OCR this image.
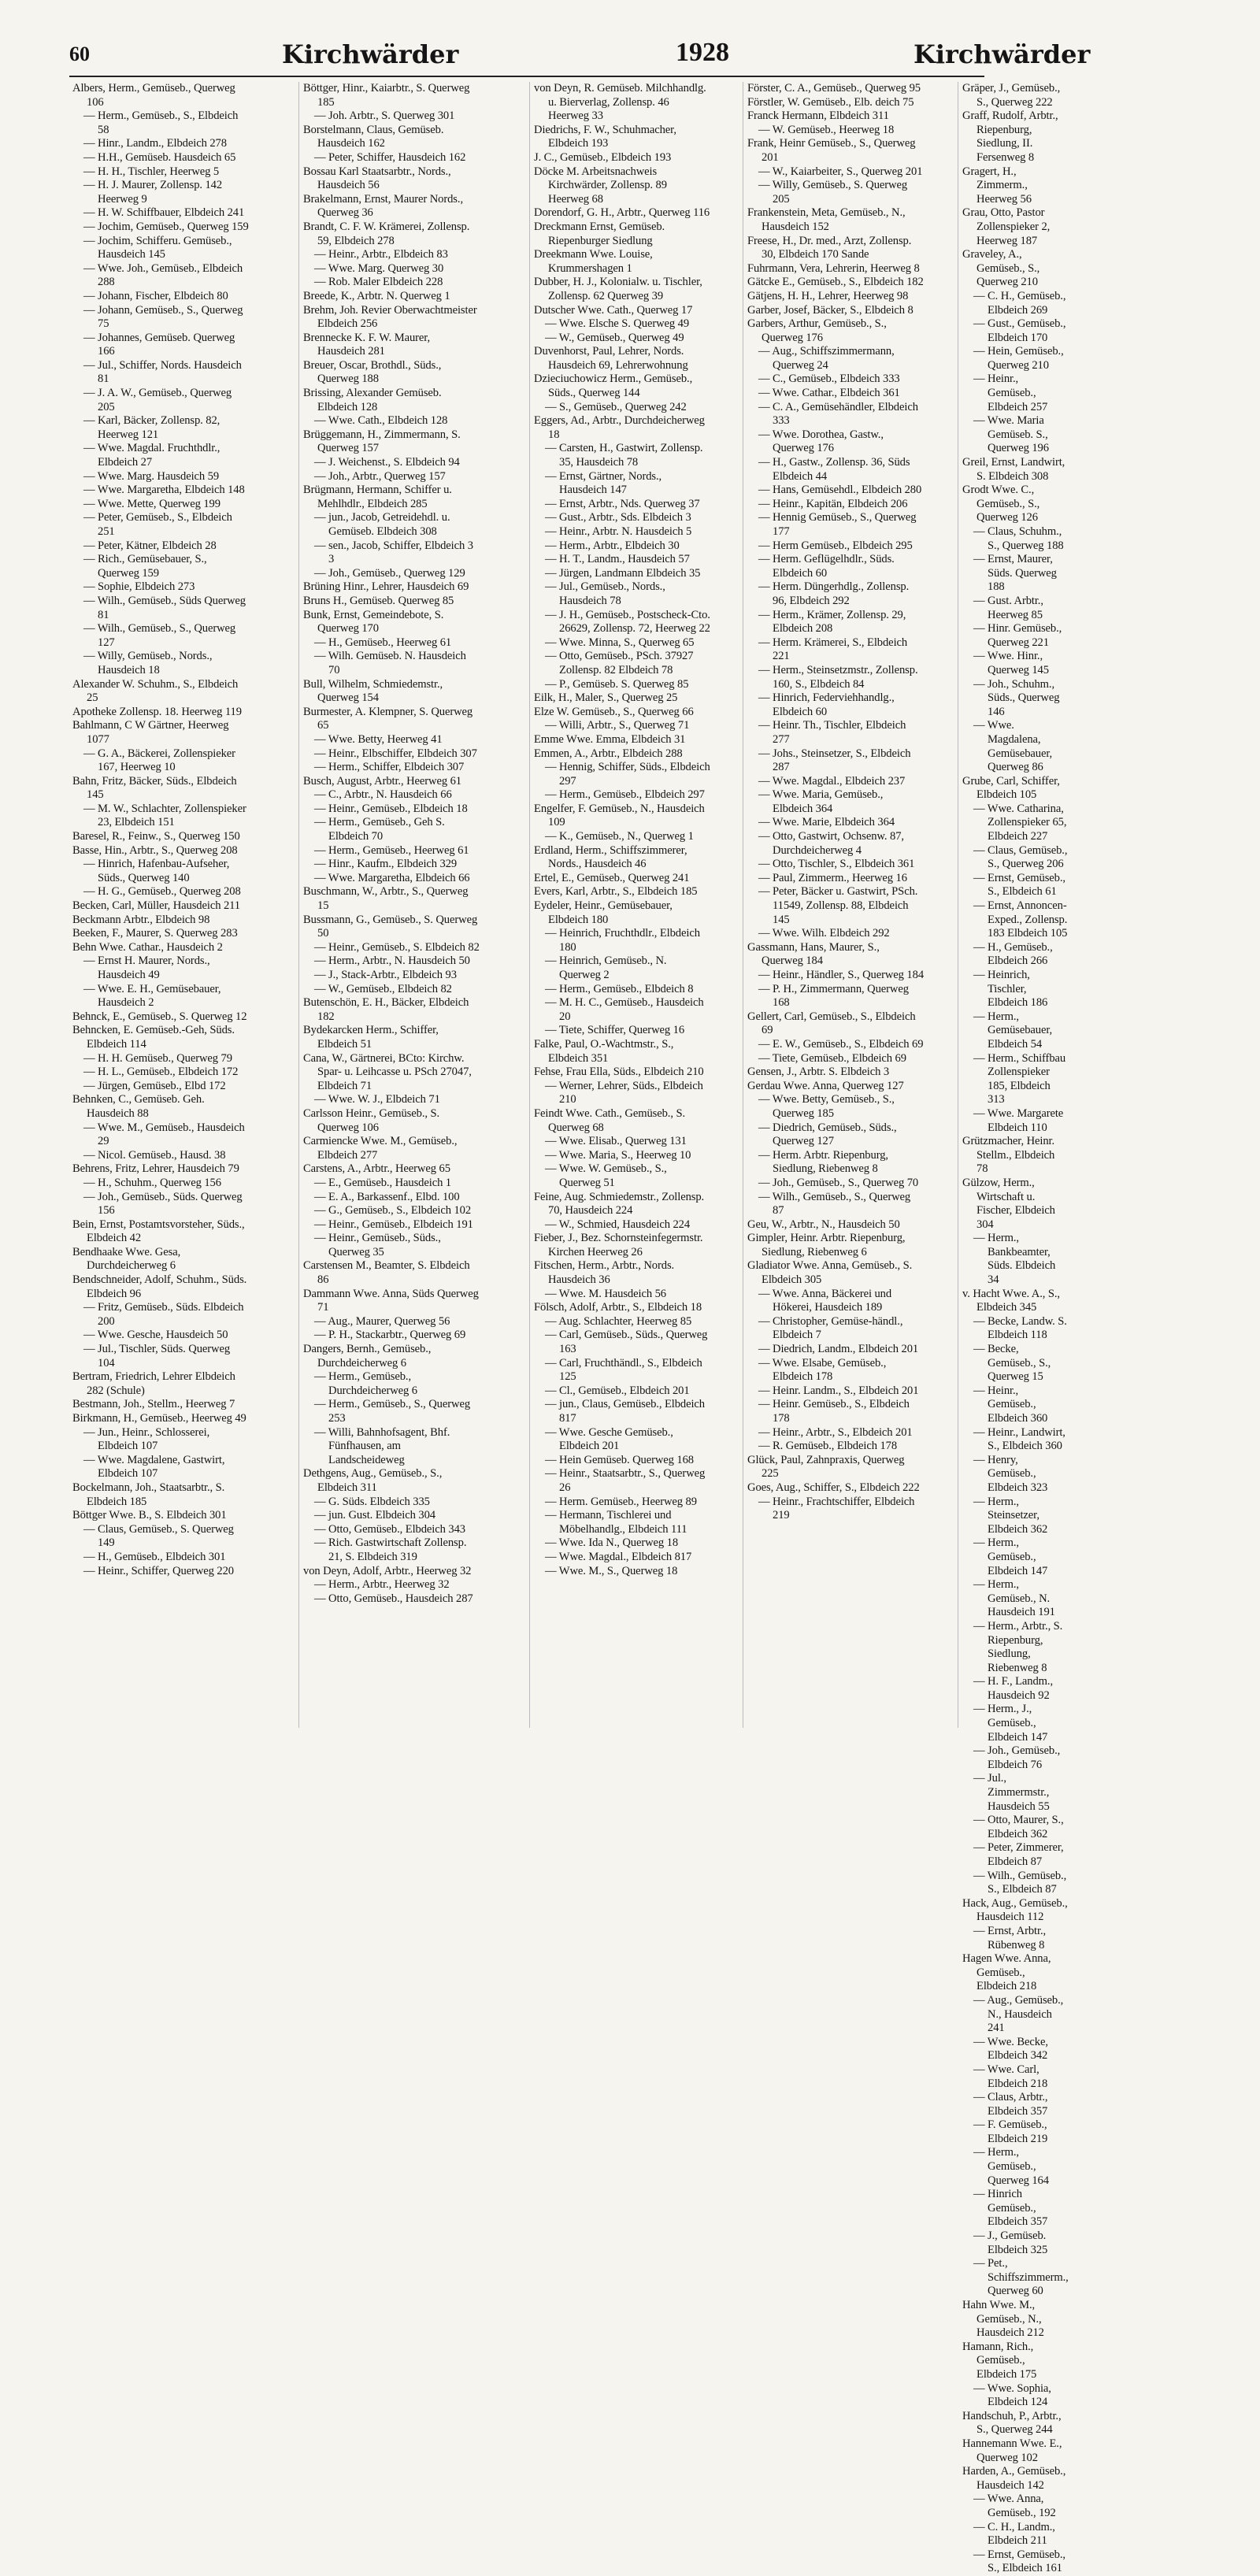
60	Kirchwärder	1928	Kirchwärder

Albers, Herm., Gemüseb., Querweg 106

— Herm., Gemüseb., S., Elbdeich 58

— Hinr., Landm., Elbdeich 278

— H.H., Gemüseb. Hausdeich 65

— H. H., Tischler, Heerweg 5

— H. J. Maurer, Zollensp. 142 Heerweg 9

— H. W. Schiffbauer, Elbdeich 241

— Jochim, Gemüseb., Querweg 159

— Jochim, Schifferu. Gemüseb., Hausdeich 145

— Wwe. Joh., Gemüseb., Elbdeich 288

— Johann, Fischer, Elbdeich 80

— Johann, Gemüseb., S., Querweg 75

— Johannes, Gemüseb. Querweg 166

— Jul., Schiffer, Nords. Hausdeich 81

— J. A. W., Gemüseb., Querweg 205

— Karl, Bäcker, Zollensp. 82, Heerweg 121

— Wwe. Magdal. Fruchthdlr., Elbdeich 27

— Wwe. Marg. Hausdeich 59

— Wwe. Margaretha, Elbdeich 148

— Wwe. Mette, Querweg 199

— Peter, Gemüseb., S., Elbdeich 251

— Peter, Kätner, Elbdeich 28

— Rich., Gemüsebauer, S., Querweg 159

— Sophie, Elbdeich 273

— Wilh., Gemüseb., Süds Querweg 81

— Wilh., Gemüseb., S., Querweg 127

— Willy, Gemüseb., Nords., Hausdeich 18

Alexander W. Schuhm., S., Elbdeich 25

Apotheke Zollensp. 18. Heerweg 119

Bahlmann, C W Gärtner, Heerweg 1077

— G. A., Bäckerei, Zollenspieker 167, Heerweg 10

Bahn, Fritz, Bäcker, Süds., Elbdeich 145

— M. W., Schlachter, Zollenspieker 23, Elbdeich 151

Baresel, R., Feinw., S., Querweg 150

Basse, Hin., Arbtr., S., Querweg 208

— Hinrich, Hafenbau-Aufseher, Süds., Querweg 140

— H. G., Gemüseb., Querweg 208

Becken, Carl, Müller, Hausdeich 211

Beckmann Arbtr., Elbdeich 98

Beeken, F., Maurer, S. Querweg 283

Behn Wwe. Cathar., Hausdeich 2

— Ernst H. Maurer, Nords., Hausdeich 49

— Wwe. E. H., Gemüsebauer, Hausdeich 2

Behnck, E., Gemüseb., S. Querweg 12

Behncken, E. Gemüseb.-Geh, Süds. Elbdeich 114

— H. H. Gemüseb., Querweg 79

— H. L., Gemüseb., Elbdeich 172

— Jürgen, Gemüseb., Elbd 172

Behnken, C., Gemüseb. Geh. Hausdeich 88

— Wwe. M., Gemüseb., Hausdeich 29

— Nicol. Gemüseb., Hausd. 38

Behrens, Fritz, Lehrer, Hausdeich 79

— H., Schuhm., Querweg 156

— Joh., Gemüseb., Süds. Querweg 156

Bein, Ernst, Postamtsvorsteher, Süds., Elbdeich 42

Bendhaake Wwe. Gesa, Durchdeicherweg 6

Bendschneider, Adolf, Schuhm., Süds. Elbdeich 96

— Fritz, Gemüseb., Süds. Elbdeich 200

— Wwe. Gesche, Hausdeich 50

— Jul., Tischler, Süds. Querweg 104

Bertram, Friedrich, Lehrer Elbdeich 282 (Schule)

Bestmann, Joh., Stellm., Heerweg 7

Birkmann, H., Gemüseb., Heerweg 49

— Jun., Heinr., Schlosserei, Elbdeich 107

— Wwe. Magdalene, Gastwirt, Elbdeich 107

Bockelmann, Joh., Staatsarbtr., S. Elbdeich 185

Böttger Wwe. B., S. Elbdeich 301

— Claus, Gemüseb., S. Querweg 149

— H., Gemüseb., Elbdeich 301

— Heinr., Schiffer, Querweg 220

Böttger, Hinr., Kaiarbtr., S. Querweg 185

— Joh. Arbtr., S. Querweg 301

Borstelmann, Claus, Gemüseb. Hausdeich 162

— Peter, Schiffer, Hausdeich 162

Bossau Karl Staatsarbtr., Nords., Hausdeich 56

Brakelmann, Ernst, Maurer Nords., Querweg 36

Brandt, C. F. W. Krämerei, Zollensp. 59, Elbdeich 278

— Heinr., Arbtr., Elbdeich 83

— Wwe. Marg. Querweg 30

— Rob. Maler Elbdeich 228

Breede, K., Arbtr. N. Querweg 1

Brehm, Joh. Revier Oberwachtmeister Elbdeich 256

Brennecke K. F. W. Maurer, Hausdeich 281

Breuer, Oscar, Brothdl., Süds., Querweg 188

Brissing, Alexander Gemüseb. Elbdeich 128

— Wwe. Cath., Elbdeich 128

Brüggemann, H., Zimmermann, S. Querweg 157

— J. Weichenst., S. Elbdeich 94

— Joh., Arbtr., Querweg 157

Brügmann, Hermann, Schiffer u. Mehlhdlr., Elbdeich 285

— jun., Jacob, Getreidehdl. u. Gemüseb. Elbdeich 308

— sen., Jacob, Schiffer, Elbdeich 3 3

— Joh., Gemüseb., Querweg 129

Brüning Hinr., Lehrer, Hausdeich 69

Bruns H., Gemüseb. Querweg 85

Bunk, Ernst, Gemeindebote, S. Querweg 170

— H., Gemüseb., Heerweg 61

— Wilh. Gemüseb. N. Hausdeich 70

Bull, Wilhelm, Schmiedemstr., Querweg 154

Burmester, A. Klempner, S. Querweg 65

— Wwe. Betty, Heerweg 41

— Heinr., Elbschiffer, Elbdeich 307

— Herm., Schiffer, Elbdeich 307

Busch, August, Arbtr., Heerweg 61

— C., Arbtr., N. Hausdeich 66

— Heinr., Gemüseb., Elbdeich 18

— Herm., Gemüseb., Geh S. Elbdeich 70

— Herm., Gemüseb., Heerweg 61

— Hinr., Kaufm., Elbdeich 329

— Wwe. Margaretha, Elbdeich 66

Buschmann, W., Arbtr., S., Querweg 15

Bussmann, G., Gemüseb., S. Querweg 50

— Heinr., Gemüseb., S. Elbdeich 82

— Herm., Arbtr., N. Hausdeich 50

— J., Stack-Arbtr., Elbdeich 93

— W., Gemüseb., Elbdeich 82

Butenschön, E. H., Bäcker, Elbdeich 182

Bydekarcken Herm., Schiffer, Elbdeich 51

Cana, W., Gärtnerei, BCto: Kirchw. Spar- u. Leihcasse u. PSch 27047, Elbdeich 71

— Wwe. W. J., Elbdeich 71

Carlsson Heinr., Gemüseb., S. Querweg 106

Carmiencke Wwe. M., Gemüseb., Elbdeich 277

Carstens, A., Arbtr., Heerweg 65

— E., Gemüseb., Hausdeich 1

— E. A., Barkassenf., Elbd. 100

— G., Gemüseb., S., Elbdeich 102

— Heinr., Gemüseb., Elbdeich 191

— Heinr., Gemüseb., Süds., Querweg 35

Carstensen M., Beamter, S. Elbdeich 86

Dammann Wwe. Anna, Süds Querweg 71

— Aug., Maurer, Querweg 56

— P. H., Stackarbtr., Querweg 69

Dangers, Bernh., Gemüseb., Durchdeicherweg 6

— Herm., Gemüseb., Durchdeicherweg 6

— Herm., Gemüseb., S., Querweg 253

— Willi, Bahnhofsagent, Bhf. Fünfhausen, am Landscheideweg

Dethgens, Aug., Gemüseb., S., Elbdeich 311

— G. Süds. Elbdeich 335

— jun. Gust. Elbdeich 304

— Otto, Gemüseb., Elbdeich 343

— Rich. Gastwirtschaft Zollensp. 21, S. Elbdeich 319

von Deyn, Adolf, Arbtr., Heerweg 32

— Herm., Arbtr., Heerweg 32

— Otto, Gemüseb., Hausdeich 287

von Deyn, R. Gemüseb. Milchhandlg. u. Bierverlag, Zollensp. 46 Heerweg 33

Diedrichs, F. W., Schuhmacher, Elbdeich 193

J. C., Gemüseb., Elbdeich 193

Döcke M. Arbeitsnachweis Kirchwärder, Zollensp. 89 Heerweg 68

Dorendorf, G. H., Arbtr., Querweg 116

Dreckmann Ernst, Gemüseb. Riepenburger Siedlung

Dreekmann Wwe. Louise, Krummershagen 1

Dubber, H. J., Kolonialw. u. Tischler, Zollensp. 62 Querweg 39

Dutscher Wwe. Cath., Querweg 17

— Wwe. Elsche S. Querweg 49

— W., Gemüseb., Querweg 49

Duvenhorst, Paul, Lehrer, Nords. Hausdeich 69, Lehrerwohnung

Dzieciuchowicz Herm., Gemüseb., Süds., Querweg 144

— S., Gemüseb., Querweg 242

Eggers, Ad., Arbtr., Durchdeicherweg 18

— Carsten, H., Gastwirt, Zollensp. 35, Hausdeich 78

— Ernst, Gärtner, Nords., Hausdeich 147

— Ernst, Arbtr., Nds. Querweg 37

— Gust., Arbtr., Sds. Elbdeich 3

— Heinr., Arbtr. N. Hausdeich 5

— Herm., Arbtr., Elbdeich 30

— H. T., Landm., Hausdeich 57

— Jürgen, Landmann Elbdeich 35

— Jul., Gemüseb., Nords., Hausdeich 78

— J. H., Gemüseb., Postscheck-Cto. 26629, Zollensp. 72, Heerweg 22

— Wwe. Minna, S., Querweg 65

— Otto, Gemüseb., PSch. 37927 Zollensp. 82 Elbdeich 78

— P., Gemüseb. S. Querweg 85

Eilk, H., Maler, S., Querweg 25

Elze W. Gemüseb., S., Querweg 66

— Willi, Arbtr., S., Querweg 71

Emme Wwe. Emma, Elbdeich 31

Emmen, A., Arbtr., Elbdeich 288

— Hennig, Schiffer, Süds., Elbdeich 297

— Herm., Gemüseb., Elbdeich 297

Engelfer, F. Gemüseb., N., Hausdeich 109

— K., Gemüseb., N., Querweg 1

Erdland, Herm., Schiffszimmerer, Nords., Hausdeich 46

Ertel, E., Gemüseb., Querweg 241

Evers, Karl, Arbtr., S., Elbdeich 185

Eydeler, Heinr., Gemüsebauer, Elbdeich 180

— Heinrich, Fruchthdlr., Elbdeich 180

— Heinrich, Gemüseb., N. Querweg 2

— Herm., Gemüseb., Elbdeich 8

— M. H. C., Gemüseb., Hausdeich 20

— Tiete, Schiffer, Querweg 16

Falke, Paul, O.-Wachtmstr., S., Elbdeich 351

Fehse, Frau Ella, Süds., Elbdeich 210

— Werner, Lehrer, Süds., Elbdeich 210

Feindt Wwe. Cath., Gemüseb., S. Querweg 68

— Wwe. Elisab., Querweg 131

— Wwe. Maria, S., Heerweg 10

— Wwe. W. Gemüseb., S., Querweg 51

Feine, Aug. Schmiedemstr., Zollensp. 70, Hausdeich 224

— W., Schmied, Hausdeich 224

Fieber, J., Bez. Schornsteinfegermstr. Kirchen Heerweg 26

Fitschen, Herm., Arbtr., Nords. Hausdeich 36

— Wwe. M. Hausdeich 56

Fölsch, Adolf, Arbtr., S., Elbdeich 18

— Aug. Schlachter, Heerweg 85

— Carl, Gemüseb., Süds., Querweg 163

— Carl, Fruchthändl., S., Elbdeich 125

— Cl., Gemüseb., Elbdeich 201

— jun., Claus, Gemüseb., Elbdeich 817

— Wwe. Gesche Gemüseb., Elbdeich 201

— Hein Gemüseb. Querweg 168

— Heinr., Staatsarbtr., S., Querweg 26

— Herm. Gemüseb., Heerweg 89

— Hermann, Tischlerei und Möbelhandlg., Elbdeich 111

— Wwe. Ida N., Querweg 18

— Wwe. Magdal., Elbdeich 817

— Wwe. M., S., Querweg 18

Förster, C. A., Gemüseb., Querweg 95

Förstler, W. Gemüseb., Elb. deich 75

Franck Hermann, Elbdeich 311

— W. Gemüseb., Heerweg 18

Frank, Heinr Gemüseb., S., Querweg 201

— W., Kaiarbeiter, S., Querweg 201

— Willy, Gemüseb., S. Querweg 205

Frankenstein, Meta, Gemüseb., N., Hausdeich 152

Freese, H., Dr. med., Arzt, Zollensp. 30, Elbdeich 170 Sande

Fuhrmann, Vera, Lehrerin, Heerweg 8

Gätcke E., Gemüseb., S., Elbdeich 182

Gätjens, H. H., Lehrer, Heerweg 98

Garber, Josef, Bäcker, S., Elbdeich 8

Garbers, Arthur, Gemüseb., S., Querweg 176

— Aug., Schiffszimmermann, Querweg 24

— C., Gemüseb., Elbdeich 333

— Wwe. Cathar., Elbdeich 361

— C. A., Gemüsehändler, Elbdeich 333

— Wwe. Dorothea, Gastw., Querweg 176

— H., Gastw., Zollensp. 36, Süds Elbdeich 44

— Hans, Gemüsehdl., Elbdeich 280

— Heinr., Kapitän, Elbdeich 206

— Hennig Gemüseb., S., Querweg 177

— Herm Gemüseb., Elbdeich 295

— Herm. Geflügelhdlr., Süds. Elbdeich 60

— Herm. Düngerhdlg., Zollensp. 96, Elbdeich 292

— Herm., Krämer, Zollensp. 29, Elbdeich 208

— Herm. Krämerei, S., Elbdeich 221

— Herm., Steinsetzmstr., Zollensp. 160, S., Elbdeich 84

— Hinrich, Federviehhandlg., Elbdeich 60

— Heinr. Th., Tischler, Elbdeich 277

— Johs., Steinsetzer, S., Elbdeich 287

— Wwe. Magdal., Elbdeich 237

— Wwe. Maria, Gemüseb., Elbdeich 364

— Wwe. Marie, Elbdeich 364

— Otto, Gastwirt, Ochsenw. 87, Durchdeicherweg 4

— Otto, Tischler, S., Elbdeich 361

— Paul, Zimmerm., Heerweg 16

— Peter, Bäcker u. Gastwirt, PSch. 11549, Zollensp. 88, Elbdeich 145

— Wwe. Wilh. Elbdeich 292

Gassmann, Hans, Maurer, S., Querweg 184

— Heinr., Händler, S., Querweg 184

— P. H., Zimmermann, Querweg 168

Gellert, Carl, Gemüseb., S., Elbdeich 69

— E. W., Gemüseb., S., Elbdeich 69

— Tiete, Gemüseb., Elbdeich 69

Gensen, J., Arbtr. S. Elbdeich 3

Gerdau Wwe. Anna, Querweg 127

— Wwe. Betty, Gemüseb., S., Querweg 185

— Diedrich, Gemüseb., Süds., Querweg 127

— Herm. Arbtr. Riepenburg, Siedlung, Riebenweg 8

— Joh., Gemüseb., S., Querweg 70

— Wilh., Gemüseb., S., Querweg 87

Geu, W., Arbtr., N., Hausdeich 50

Gimpler, Heinr. Arbtr. Riepenburg, Siedlung, Riebenweg 6

Gladiator Wwe. Anna, Gemüseb., S. Elbdeich 305

— Wwe. Anna, Bäckerei und Hökerei, Hausdeich 189

— Christopher, Gemüse-händl., Elbdeich 7

— Diedrich, Landm., Elbdeich 201

— Wwe. Elsabe, Gemüseb., Elbdeich 178

— Heinr. Landm., S., Elbdeich 201

— Heinr. Gemüseb., S., Elbdeich 178

— Heinr., Arbtr., S., Elbdeich 201

— R. Gemüseb., Elbdeich 178

Glück, Paul, Zahnpraxis, Querweg 225

Goes, Aug., Schiffer, S., Elbdeich 222

— Heinr., Frachtschiffer, Elbdeich 219

Gräper, J., Gemüseb., S., Querweg 222

Graff, Rudolf, Arbtr., Riepenburg, Siedlung, II. Fersenweg 8

Gragert, H., Zimmerm., Heerweg 56

Grau, Otto, Pastor Zollenspieker 2, Heerweg 187

Graveley, A., Gemüseb., S., Querweg 210

— C. H., Gemüseb., Elbdeich 269

— Gust., Gemüseb., Elbdeich 170

— Hein, Gemüseb., Querweg 210

— Heinr., Gemüseb., Elbdeich 257

— Wwe. Maria Gemüseb. S., Querweg 196

Greil, Ernst, Landwirt, S. Elbdeich 308

Grodt Wwe. C., Gemüseb., S., Querweg 126

— Claus, Schuhm., S., Querweg 188

— Ernst, Maurer, Süds. Querweg 188

— Gust. Arbtr., Heerweg 85

— Hinr. Gemüseb., Querweg 221

— Wwe. Hinr., Querweg 145

— Joh., Schuhm., Süds., Querweg 146

— Wwe. Magdalena, Gemüsebauer, Querweg 86

Grube, Carl, Schiffer, Elbdeich 105

— Wwe. Catharina, Zollenspieker 65, Elbdeich 227

— Claus, Gemüseb., S., Querweg 206

— Ernst, Gemüseb., S., Elbdeich 61

— Ernst, Annoncen-Exped., Zollensp. 183 Elbdeich 105

— H., Gemüseb., Elbdeich 266

— Heinrich, Tischler, Elbdeich 186

— Herm., Gemüsebauer, Elbdeich 54

— Herm., Schiffbau Zollenspieker 185, Elbdeich 313

— Wwe. Margarete Elbdeich 110

Grützmacher, Heinr. Stellm., Elbdeich 78

Gülzow, Herm., Wirtschaft u. Fischer, Elbdeich 304

— Herm., Bankbeamter, Süds. Elbdeich 34

v. Hacht Wwe. A., S., Elbdeich 345

— Becke, Landw. S. Elbdeich 118

— Becke, Gemüseb., S., Querweg 15

— Heinr., Gemüseb., Elbdeich 360

— Heinr., Landwirt, S., Elbdeich 360

— Henry, Gemüseb., Elbdeich 323

— Herm., Steinsetzer, Elbdeich 362

— Herm., Gemüseb., Elbdeich 147

— Herm., Gemüseb., N. Hausdeich 191

— Herm., Arbtr., S. Riepenburg, Siedlung, Riebenweg 8

— H. F., Landm., Hausdeich 92

— Herm., J., Gemüseb., Elbdeich 147

— Joh., Gemüseb., Elbdeich 76

— Jul., Zimmermstr., Hausdeich 55

— Otto, Maurer, S., Elbdeich 362

— Peter, Zimmerer, Elbdeich 87

— Wilh., Gemüseb., S., Elbdeich 87

Hack, Aug., Gemüseb., Hausdeich 112

— Ernst, Arbtr., Rübenweg 8

Hagen Wwe. Anna, Gemüseb., Elbdeich 218

— Aug., Gemüseb., N., Hausdeich 241

— Wwe. Becke, Elbdeich 342

— Wwe. Carl, Elbdeich 218

— Claus, Arbtr., Elbdeich 357

— F. Gemüseb., Elbdeich 219

— Herm., Gemüseb., Querweg 164

— Hinrich Gemüseb., Elbdeich 357

— J., Gemüseb. Elbdeich 325

— Pet., Schiffszimmerm., Querweg 60

Hahn Wwe. M., Gemüseb., N., Hausdeich 212

Hamann, Rich., Gemüseb., Elbdeich 175

— Wwe. Sophia, Elbdeich 124

Handschuh, P., Arbtr., S., Querweg 244

Hannemann Wwe. E., Querweg 102

Harden, A., Gemüseb., Hausdeich 142

— Wwe. Anna, Gemüseb., 192

— C. H., Landm., Elbdeich 211

— Ernst, Gemüseb., S., Elbdeich 161
